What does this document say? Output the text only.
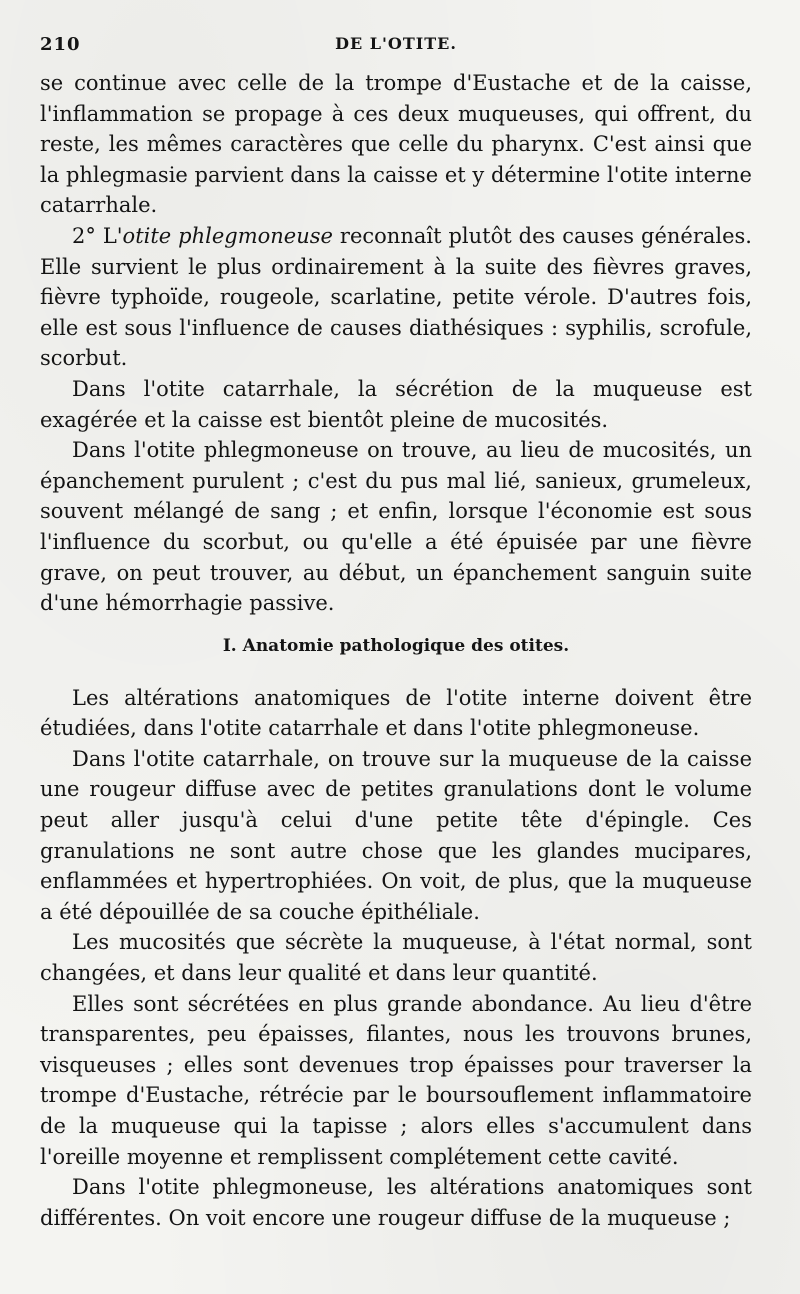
210	DE L'OTITE.

se continue avec celle de la trompe d'Eustache et de la caisse, l'inflammation se propage à ces deux muqueuses, qui offrent, du reste, les mêmes caractères que celle du pharynx. C'est ainsi que la phlegmasie parvient dans la caisse et y détermine l'otite interne catarrhale.

2° L'otite phlegmoneuse reconnaît plutôt des causes générales. Elle survient le plus ordinairement à la suite des fièvres graves, fièvre typhoïde, rougeole, scarlatine, petite vérole. D'autres fois, elle est sous l'influence de causes diathésiques : syphilis, scrofule, scorbut.

Dans l'otite catarrhale, la sécrétion de la muqueuse est exagérée et la caisse est bientôt pleine de mucosités.

Dans l'otite phlegmoneuse on trouve, au lieu de mucosités, un épanchement purulent ; c'est du pus mal lié, sanieux, grumeleux, souvent mélangé de sang ; et enfin, lorsque l'économie est sous l'influence du scorbut, ou qu'elle a été épuisée par une fièvre grave, on peut trouver, au début, un épanchement sanguin suite d'une hémorrhagie passive.

I. Anatomie pathologique des otites.

Les altérations anatomiques de l'otite interne doivent être étudiées, dans l'otite catarrhale et dans l'otite phlegmoneuse.

Dans l'otite catarrhale, on trouve sur la muqueuse de la caisse une rougeur diffuse avec de petites granulations dont le volume peut aller jusqu'à celui d'une petite tête d'épingle. Ces granulations ne sont autre chose que les glandes mucipares, enflammées et hypertrophiées. On voit, de plus, que la muqueuse a été dépouillée de sa couche épithéliale.

Les mucosités que sécrète la muqueuse, à l'état normal, sont changées, et dans leur qualité et dans leur quantité.

Elles sont sécrétées en plus grande abondance. Au lieu d'être transparentes, peu épaisses, filantes, nous les trouvons brunes, visqueuses ; elles sont devenues trop épaisses pour traverser la trompe d'Eustache, rétrécie par le boursouflement inflammatoire de la muqueuse qui la tapisse ; alors elles s'accumulent dans l'oreille moyenne et remplissent complétement cette cavité.

Dans l'otite phlegmoneuse, les altérations anatomiques sont différentes. On voit encore une rougeur diffuse de la muqueuse ;
